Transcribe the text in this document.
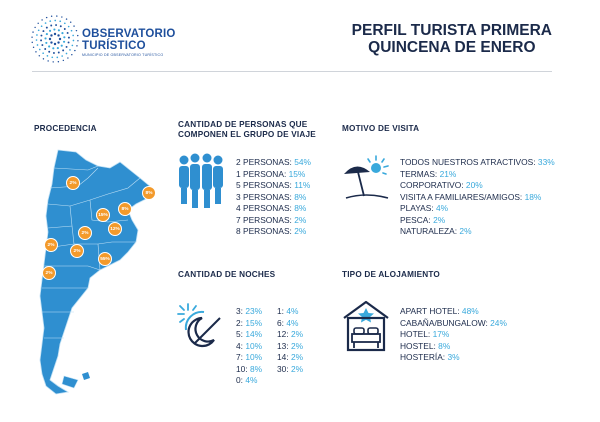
OBSERVATORIO
TURÍSTICO
MUNICIPIO DE OBSERVATORIO TURÍSTICO
PERFIL TURISTA PRIMERA
QUINCENA DE ENERO
PROCEDENCIA
2%
8%
15%
8%
12%
2%
2%
2%
55%
2%
CANTIDAD DE PERSONAS QUE
COMPONEN EL GRUPO DE VIAJE
2 PERSONAS: 54%
1 PERSONA: 15%
5 PERSONAS: 11%
3 PERSONAS: 8%
4 PERSONAS: 8%
7 PERSONAS: 2%
8 PERSONAS: 2%
MOTIVO DE VISITA
TODOS NUESTROS ATRACTIVOS: 33%
TERMAS: 21%
CORPORATIVO: 20%
VISITA A FAMILIARES/AMIGOS: 18%
PLAYAS: 4%
PESCA: 2%
NATURALEZA: 2%
CANTIDAD DE NOCHES
3: 23%
2: 15%
5: 14%
4: 10%
7: 10%
10: 8%
0: 4%
1: 4%
6: 4%
12: 2%
13: 2%
14: 2%
30: 2%
TIPO DE ALOJAMIENTO
APART HOTEL: 48%
CABAÑA/BUNGALOW: 24%
HOTEL: 17%
HOSTEL: 8%
HOSTERÍA: 3%
